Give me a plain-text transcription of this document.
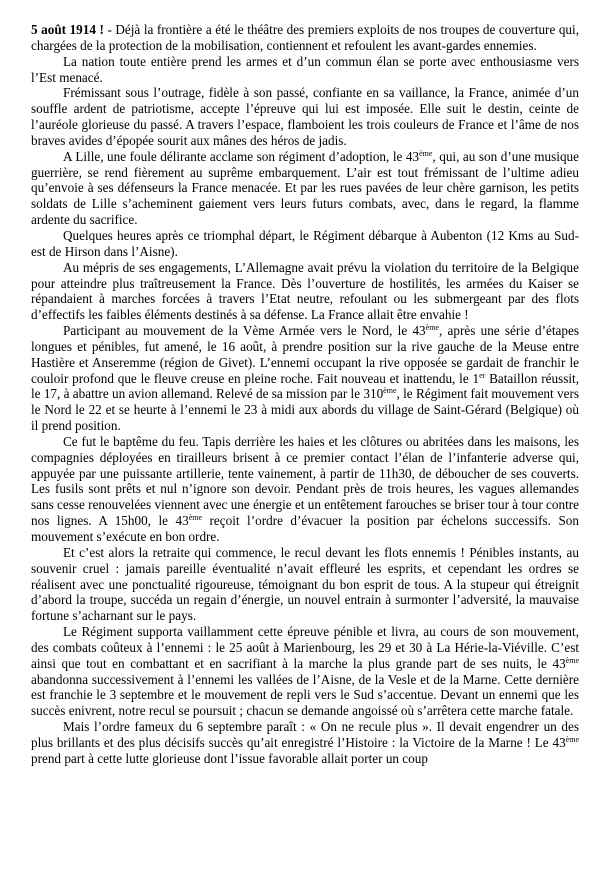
5 août 1914 ! - Déjà la frontière a été le théâtre des premiers exploits de nos troupes de couverture qui, chargées de la protection de la mobilisation, contiennent et refoulent les avant-gardes ennemies.

La nation toute entière prend les armes et d’un commun élan se porte avec enthousiasme vers l’Est menacé.

Frémissant sous l’outrage, fidèle à son passé, confiante en sa vaillance, la France, animée d’un souffle ardent de patriotisme, accepte l’épreuve qui lui est imposée. Elle suit le destin, ceinte de l’auréole glorieuse du passé. A travers l’espace, flamboient les trois couleurs de France et l’âme de nos braves avides d’épopée sourit aux mânes des héros de jadis.

A Lille, une foule délirante acclame son régiment d’adoption, le 43ème, qui, au son d’une musique guerrière, se rend fièrement au suprême embarquement. L’air est tout frémissant de l’ultime adieu qu’envoie à ses défenseurs la France menacée. Et par les rues pavées de leur chère garnison, les petits soldats de Lille s’acheminent gaiement vers leurs futurs combats, avec, dans le regard, la flamme ardente du sacrifice.

Quelques heures après ce triomphal départ, le Régiment débarque à Aubenton (12 Kms au Sud-est de Hirson dans l’Aisne).

Au mépris de ses engagements, L’Allemagne avait prévu la violation du territoire de la Belgique pour atteindre plus traîtreusement la France. Dès l’ouverture de hostilités, les armées du Kaiser se répandaient à marches forcées à travers l’Etat neutre, refoulant ou les submergeant par des flots d’effectifs les faibles éléments destinés à sa défense. La France allait être envahie !

Participant au mouvement de la Vème Armée vers le Nord, le 43ème, après une série d’étapes longues et pénibles, fut amené, le 16 août, à prendre position sur la rive gauche de la Meuse entre Hastière et Anseremme (région de Givet). L’ennemi occupant la rive opposée se gardait de franchir le couloir profond que le fleuve creuse en pleine roche. Fait nouveau et inattendu, le 1er Bataillon réussit, le 17, à abattre un avion allemand. Relevé de sa mission par le 310ème, le Régiment fait mouvement vers le Nord le 22 et se heurte à l’ennemi le 23 à midi aux abords du village de Saint-Gérard (Belgique) où il prend position.

Ce fut le baptême du feu. Tapis derrière les haies et les clôtures ou abritées dans les maisons, les compagnies déployées en tirailleurs brisent à ce premier contact l’élan de l’infanterie adverse qui, appuyée par une puissante artillerie, tente vainement, à partir de 11h30, de déboucher de ses couverts. Les fusils sont prêts et nul n’ignore son devoir. Pendant près de trois heures, les vagues allemandes sans cesse renouvelées viennent avec une énergie et un entêtement farouches se briser tour à tour contre nos lignes. A 15h00, le 43ème reçoit l’ordre d’évacuer la position par échelons successifs. Son mouvement s’exécute en bon ordre.

Et c’est alors la retraite qui commence, le recul devant les flots ennemis ! Pénibles instants, au souvenir cruel : jamais pareille éventualité n’avait effleuré les esprits, et cependant les ordres se réalisent avec une ponctualité rigoureuse, témoignant du bon esprit de tous. A la stupeur qui étreignit d’abord la troupe, succéda un regain d’énergie, un nouvel entrain à surmonter l’adversité, la mauvaise fortune s’acharnant sur le pays.

Le Régiment supporta vaillamment cette épreuve pénible et livra, au cours de son mouvement, des combats coûteux à l’ennemi : le 25 août à Marienbourg, les 29 et 30 à La Hérie-la-Viéville. C’est ainsi que tout en combattant et en sacrifiant à la marche la plus grande part de ses nuits, le 43ème abandonna successivement à l’ennemi les vallées de l’Aisne, de la Vesle et de la Marne. Cette dernière est franchie le 3 septembre et le mouvement de repli vers le Sud s’accentue. Devant un ennemi que les succès enivrent, notre recul se poursuit ; chacun se demande angoissé où s’arrêtera cette marche fatale.

Mais l’ordre fameux du 6 septembre paraît : « On ne recule plus ». Il devait engendrer un des plus brillants et des plus décisifs succès qu’ait enregistré l’Histoire : la Victoire de la Marne ! Le 43ème prend part à cette lutte glorieuse dont l’issue favorable allait porter un coup
